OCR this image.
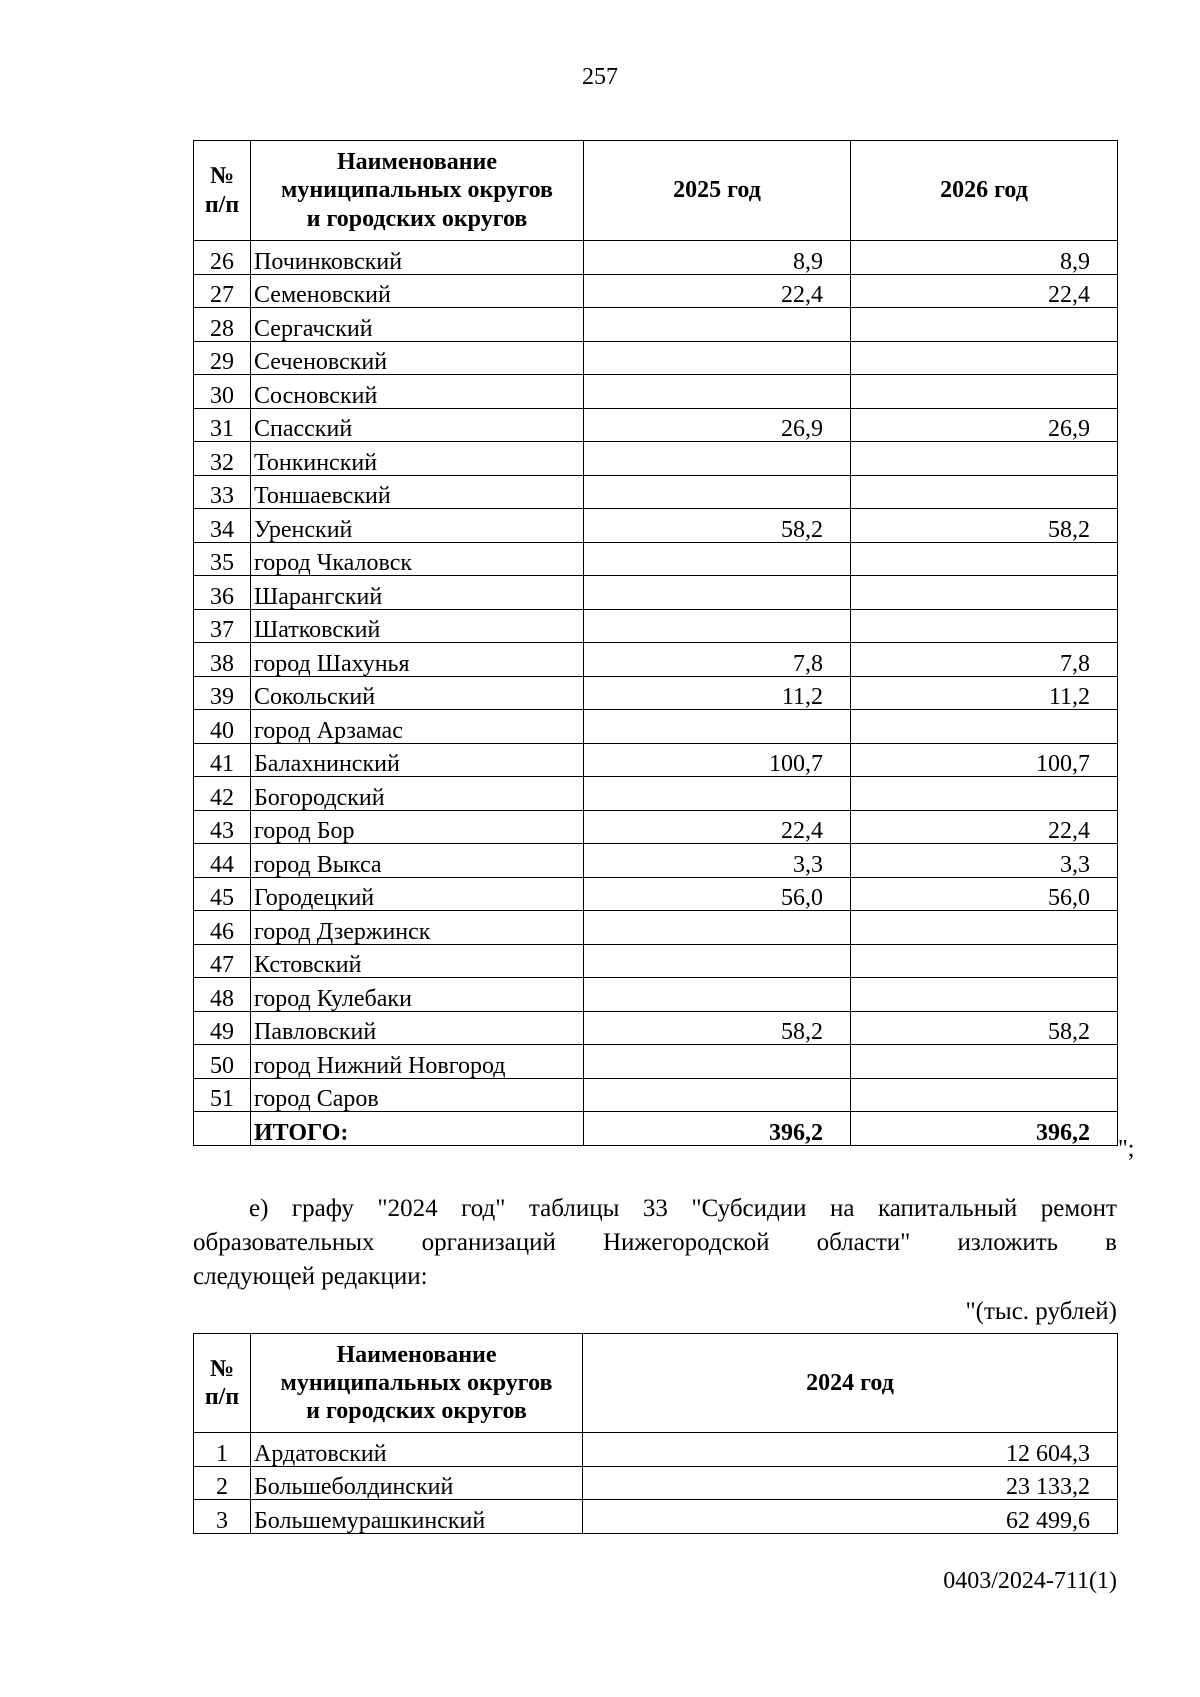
257
№
п/п	Наименование
муниципальных округов
и городских округов	2025 год	2026 год
26	Починковский	8,9	8,9
27	Семеновский	22,4	22,4
28	Сергачский		
29	Сеченовский		
30	Сосновский		
31	Спасский	26,9	26,9
32	Тонкинский		
33	Тоншаевский		
34	Уренский	58,2	58,2
35	город Чкаловск		
36	Шарангский		
37	Шатковский		
38	город Шахунья	7,8	7,8
39	Сокольский	11,2	11,2
40	город Арзамас		
41	Балахнинский	100,7	100,7
42	Богородский		
43	город Бор	22,4	22,4
44	город Выкса	3,3	3,3
45	Городецкий	56,0	56,0
46	город Дзержинск		
47	Кстовский		
48	город Кулебаки		
49	Павловский	58,2	58,2
50	город Нижний Новгород		
51	город Саров		
	ИТОГО:	396,2	396,2
";
е) графу "2024 год" таблицы 33 "Субсидии на капитальный ремонт
образовательных организаций Нижегородской области" изложить в
следующей редакции:
"(тыс. рублей)
№
п/п	Наименование
муниципальных округов
и городских округов	2024 год
1	Ардатовский	12 604,3
2	Большеболдинский	23 133,2
3	Большемурашкинский	62 499,6
0403/2024-711(1)
